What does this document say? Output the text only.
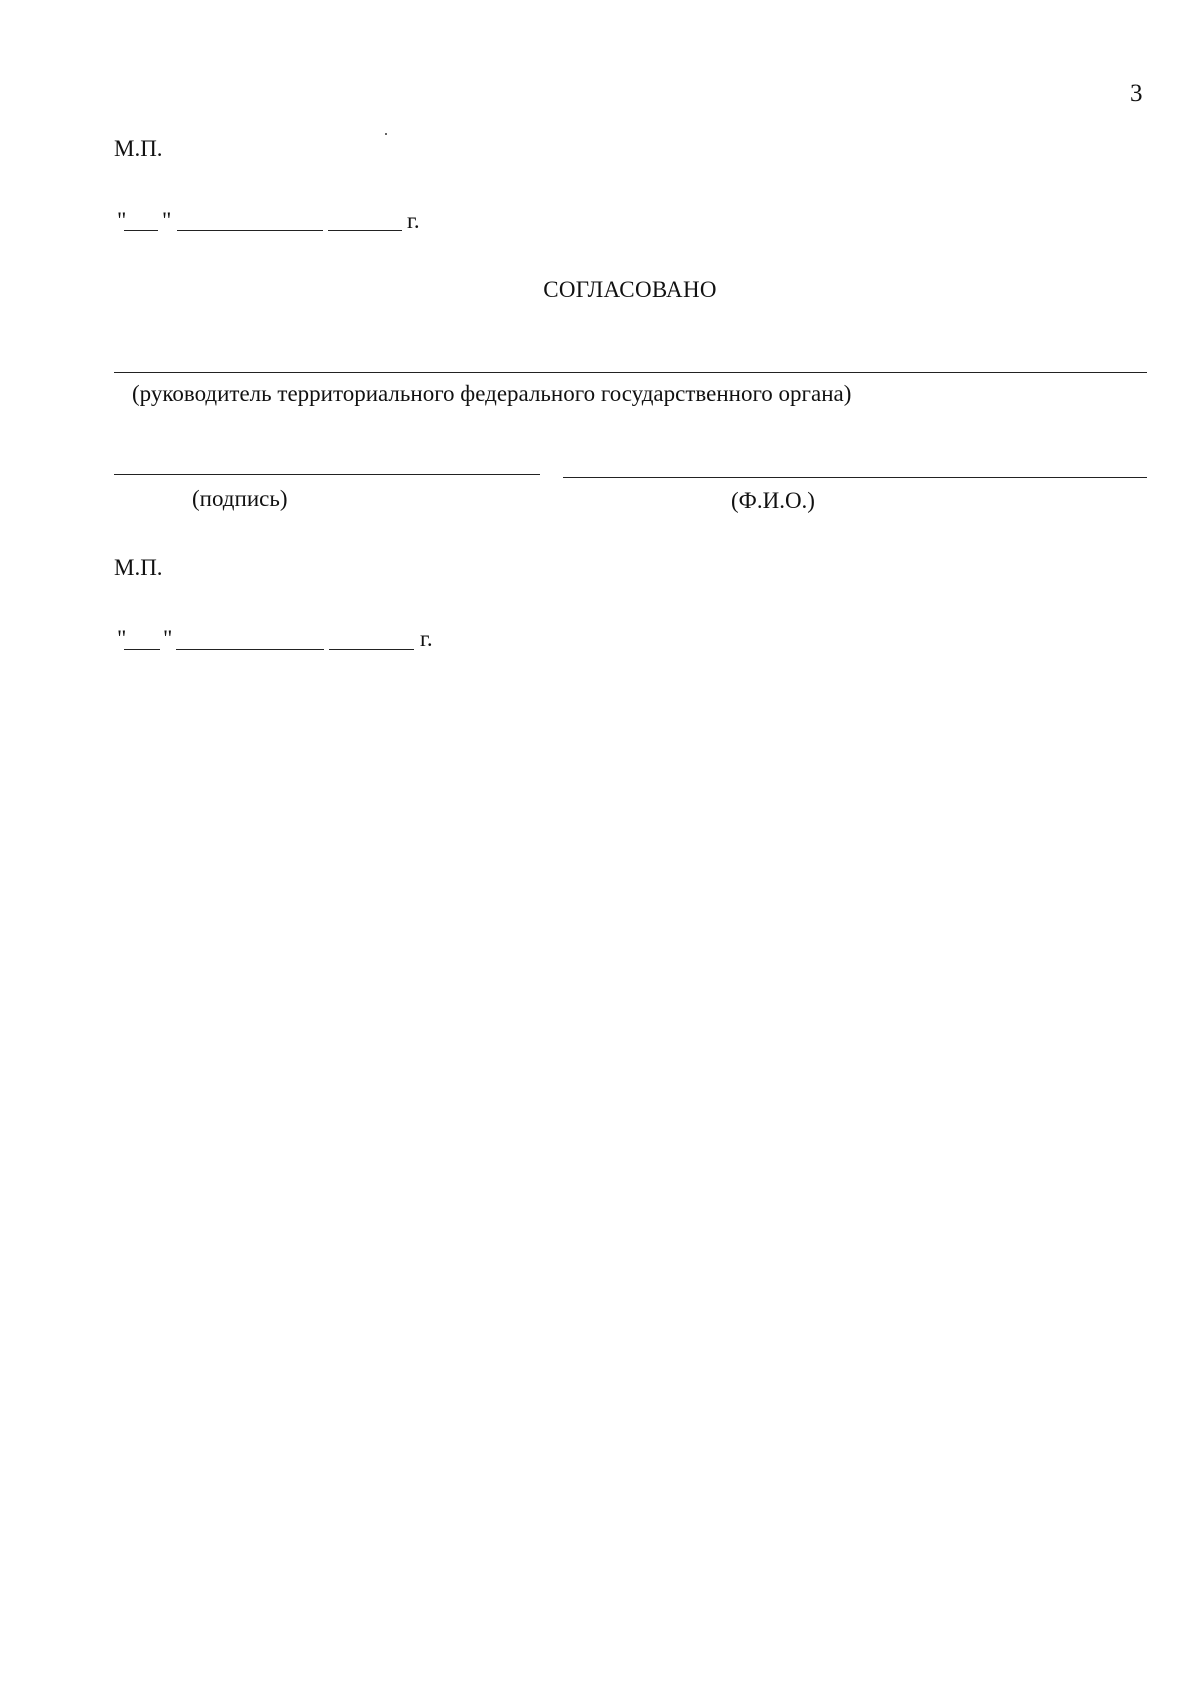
3
М.П.
" "	г.
СОГЛАСОВАНО
(руководитель территориального федерального государственного органа)
(подпись)	(Ф.И.О.)
М.П.
" "	г.
